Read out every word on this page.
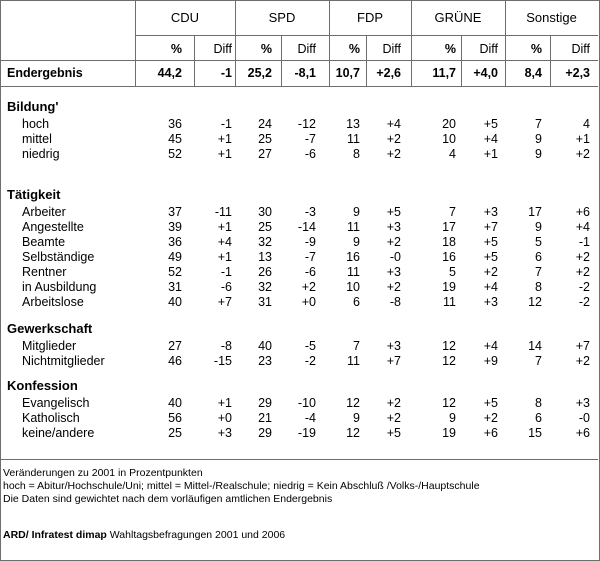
CDU	SPD	FDP	GRÜNE	Sonstige
%	Diff	%	Diff	%	Diff	%	Diff	%	Diff
Endergebnis	44,2	-1	25,2	-8,1	10,7	+2,6	11,7	+4,0	8,4	+2,3
Bildung'
hoch	36	-1	24	-12	13	+4	20	+5	7	4
mittel	45	+1	25	-7	11	+2	10	+4	9	+1
niedrig	52	+1	27	-6	8	+2	4	+1	9	+2
Tätigkeit
Arbeiter	37	-11	30	-3	9	+5	7	+3	17	+6
Angestellte	39	+1	25	-14	11	+3	17	+7	9	+4
Beamte	36	+4	32	-9	9	+2	18	+5	5	-1
Selbständige	49	+1	13	-7	16	-0	16	+5	6	+2
Rentner	52	-1	26	-6	11	+3	5	+2	7	+2
in Ausbildung	31	-6	32	+2	10	+2	19	+4	8	-2
Arbeitslose	40	+7	31	+0	6	-8	11	+3	12	-2
Gewerkschaft
Mitglieder	27	-8	40	-5	7	+3	12	+4	14	+7
Nichtmitglieder	46	-15	23	-2	11	+7	12	+9	7	+2
Konfession
Evangelisch	40	+1	29	-10	12	+2	12	+5	8	+3
Katholisch	56	+0	21	-4	9	+2	9	+2	6	-0
keine/andere	25	+3	29	-19	12	+5	19	+6	15	+6
Veränderungen zu 2001 in Prozentpunkten
hoch = Abitur/Hochschule/Uni; mittel = Mittel-/Realschule; niedrig = Kein Abschluß /Volks-/Hauptschule
Die Daten sind gewichtet nach dem vorläufigen amtlichen Endergebnis
ARD/ Infratest dimap Wahltagsbefragungen 2001 und 2006
